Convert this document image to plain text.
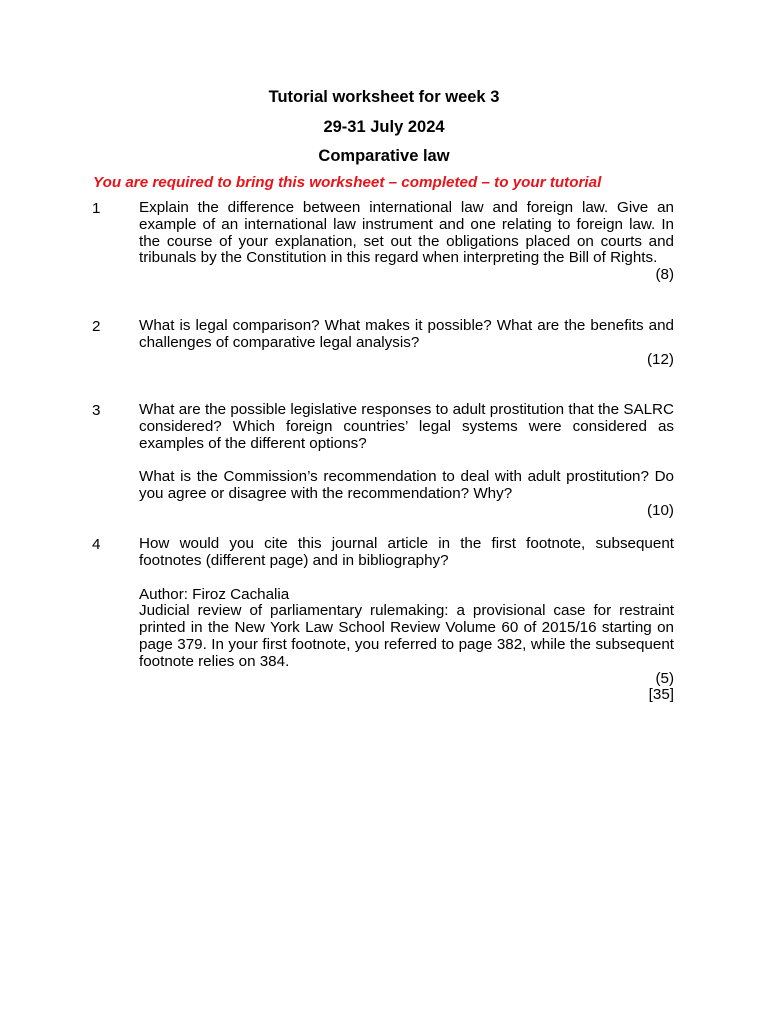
Tutorial worksheet for week 3
29-31 July 2024
Comparative law

You are required to bring this worksheet – completed – to your tutorial

1	Explain the difference between international law and foreign law. Give an example of an international law instrument and one relating to foreign law. In the course of your explanation, set out the obligations placed on courts and tribunals by the Constitution in this regard when interpreting the Bill of Rights.

(8)

2	What is legal comparison? What makes it possible? What are the benefits and challenges of comparative legal analysis?

(12)

3	What are the possible legislative responses to adult prostitution that the SALRC considered? Which foreign countries’ legal systems were considered as examples of the different options?

What is the Commission’s recommendation to deal with adult prostitution? Do you agree or disagree with the recommendation? Why?

(10)

4	How would you cite this journal article in the first footnote, subsequent footnotes (different page) and in bibliography?

Author: Firoz Cachalia

Judicial review of parliamentary rulemaking: a provisional case for restraint printed in the New York Law School Review Volume 60 of 2015/16 starting on page 379. In your first footnote, you referred to page 382, while the subsequent footnote relies on 384.

(5)

[35]
